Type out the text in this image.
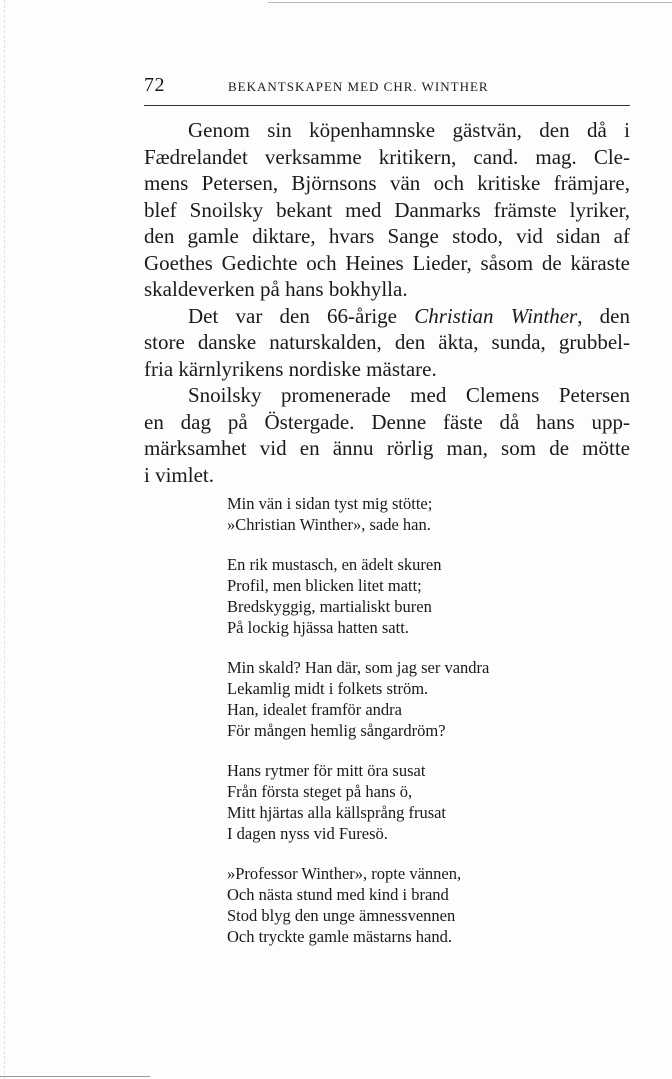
72	BEKANTSKAPEN MED CHR. WINTHER
Genom sin köpenhamnske gästvän, den då i
Fædrelandet verksamme kritikern, cand. mag. Cle-
mens Petersen, Björnsons vän och kritiske främjare,
blef Snoilsky bekant med Danmarks främste lyriker,
den gamle diktare, hvars Sange stodo, vid sidan af
Goethes Gedichte och Heines Lieder, såsom de käraste
skaldeverken på hans bokhylla.
Det var den 66-årige Christian Winther, den
store danske naturskalden, den äkta, sunda, grubbel-
fria kärnlyrikens nordiske mästare.
Snoilsky promenerade med Clemens Petersen
en dag på Östergade. Denne fäste då hans upp-
märksamhet vid en ännu rörlig man, som de mötte
i vimlet.
Min vän i sidan tyst mig stötte;
»Christian Winther», sade han.
En rik mustasch, en ädelt skuren
Profil, men blicken litet matt;
Bredskyggig, martialiskt buren
På lockig hjässa hatten satt.
Min skald? Han där, som jag ser vandra
Lekamlig midt i folkets ström.
Han, idealet framför andra
För mången hemlig sångardröm?
Hans rytmer för mitt öra susat
Från första steget på hans ö,
Mitt hjärtas alla källsprång frusat
I dagen nyss vid Furesö.
»Professor Winther», ropte vännen,
Och nästa stund med kind i brand
Stod blyg den unge ämnessvennen
Och tryckte gamle mästarns hand.
